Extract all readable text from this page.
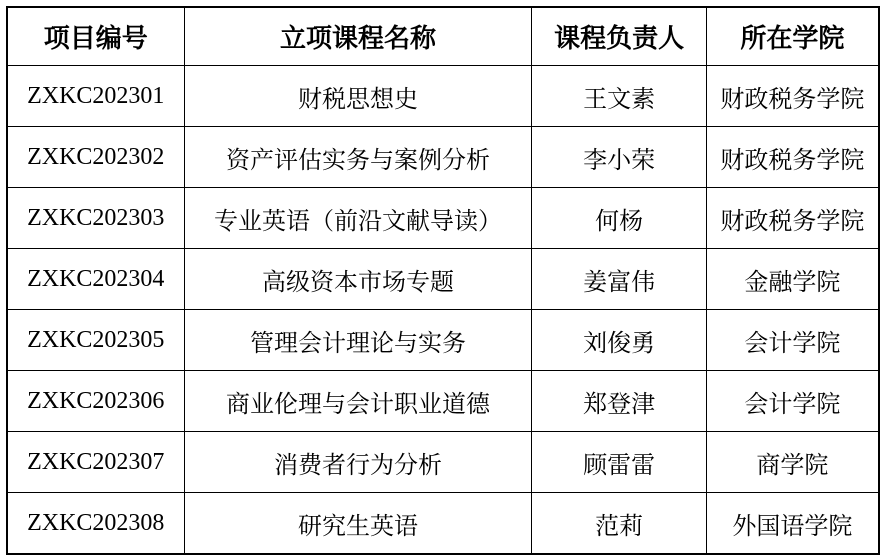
项目编号	立项课程名称	课程负责人	所在学院
ZXKC202301	财税思想史	王文素	财政税务学院
ZXKC202302	资产评估实务与案例分析	李小荣	财政税务学院
ZXKC202303	专业英语（前沿文献导读）	何杨	财政税务学院
ZXKC202304	高级资本市场专题	姜富伟	金融学院
ZXKC202305	管理会计理论与实务	刘俊勇	会计学院
ZXKC202306	商业伦理与会计职业道德	郑登津	会计学院
ZXKC202307	消费者行为分析	顾雷雷	商学院
ZXKC202308	研究生英语	范莉	外国语学院
